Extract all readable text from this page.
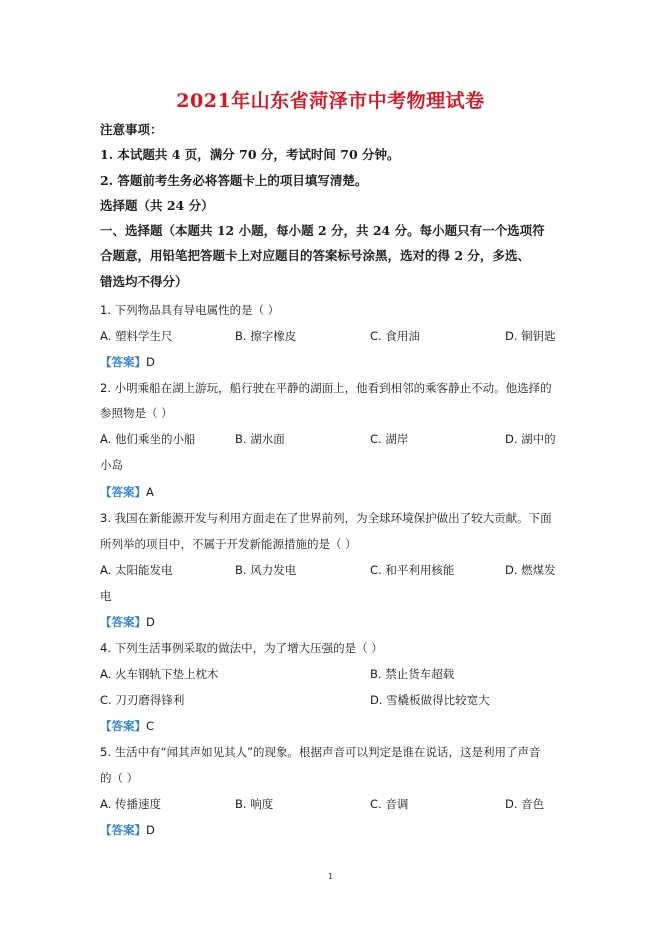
2021年山东省菏泽市中考物理试卷
注意事项：
1. 本试题共 4 页，满分 70 分，考试时间 70 分钟。
2. 答题前考生务必将答题卡上的项目填写清楚。
选择题（共 24 分）
一、选择题（本题共 12 小题，每小题 2 分，共 24 分。每小题只有一个选项符
合题意，用铅笔把答题卡上对应题目的答案标号涂黑，选对的得 2 分，多选、
错选均不得分）
1. 下列物品具有导电属性的是（ ）
A. 塑料学生尺	B. 擦字橡皮	C. 食用油	D. 铜钥匙
【答案】D
2. 小明乘船在湖上游玩，船行驶在平静的湖面上，他看到相邻的乘客静止不动。他选择的
参照物是（ ）
A. 他们乘坐的小船	B. 湖水面	C. 湖岸	D. 湖中的
小岛
【答案】A
3. 我国在新能源开发与利用方面走在了世界前列，为全球环境保护做出了较大贡献。下面
所列举的项目中，不属于开发新能源措施的是（ ）
A. 太阳能发电	B. 风力发电	C. 和平利用核能	D. 燃煤发
电
【答案】D
4. 下列生活事例采取的做法中，为了增大压强的是（ ）
A. 火车钢轨下垫上枕木	B. 禁止货车超载
C. 刀刃磨得锋利	D. 雪橇板做得比较宽大
【答案】C
5. 生活中有“闻其声如见其人”的现象。根据声音可以判定是谁在说话，这是利用了声音
的（ ）
A. 传播速度	B. 响度	C. 音调	D. 音色
【答案】D
1
